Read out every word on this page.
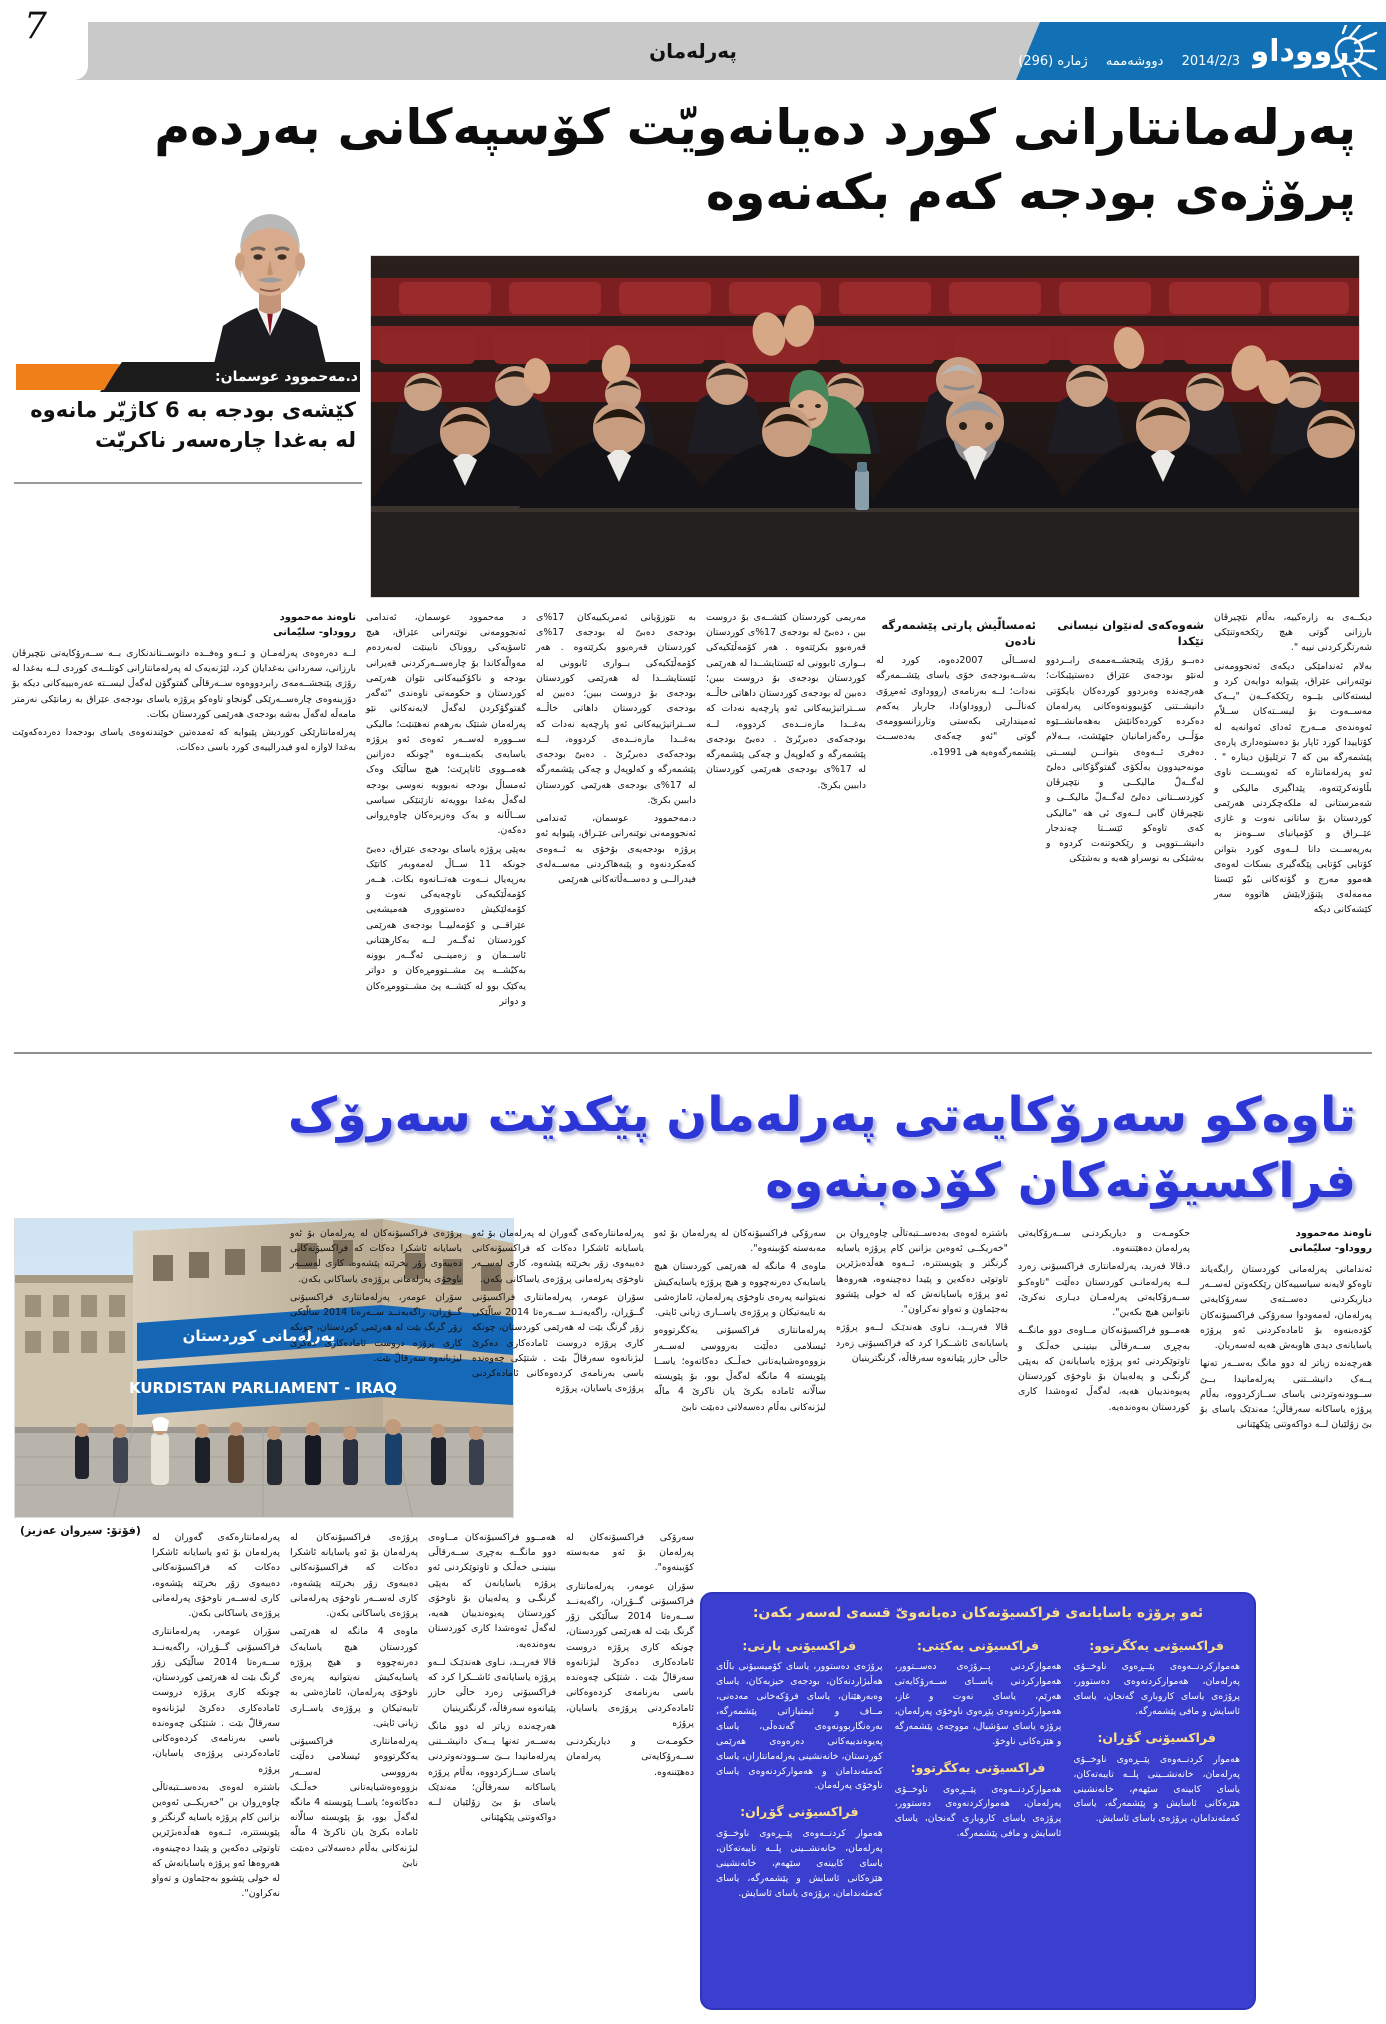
پەرلەمان	2014/2/3 دووشەممە ژمارە (296)	رووداو
7
پەرلەمانتارانی کورد دەیانەویّت کۆسپەکانی بەردەم
پرۆژەی بودجە کەم بکەنەوە
د.مەحموود عوسمان:
کێشەی بودجە بە 6 کاژیّر مانەوە لە بەغدا چارەسەر ناکریّت
ناوەند مەحموود
رووداو- سلیّمانی

لــە دەرەوەی پەرلەمـان و ئــەو وەفــدە دانوســتاندنکاری بــە ســەرۆکایەتی نێچیرڤان بارزانی، سەردانی بەغدایان کرد، لێژنەیەک لە پەرلەمانتارانی کوتلــەی کوردی لــە بەغدا لە رۆژی پێنجشــەمەی رابردووەوە ســەرقاڵی گفتوگۆن لەگەڵ لیســتە عەرەبییەکانی دیکە بۆ دۆزینەوەی چارەســەرێکی گونجاو تاوەکو پرۆژە یاسای بودجەی عێراق بە زمانێکی نەرمتر مامەڵە لەگەڵ بەشە بودجەی هەرێمی کوردستان بکات.

پەرلەمانتارێکی کوردیش پێیوایە کە ئەمدەتین خوێندنەوەی یاسای بودجەدا دەردەکەوێت بەغدا لاوازە لەو فیدرالییەی کورد باسی دەکات.

د مەحموود عوسمان، ئەندامی ئەنجوومەنی نوێنەرانی عێراق، هیچ ئاسۆیەکی رووناک نابینێت لەبەردەم مەوالّەکاندا بۆ چارەســەرکردنی قەیرانی بودجە و ناکۆکییەکانی نێوان هەرێمی کوردستان و حکومەتی ناوەندی "ئەگەر گفتوگۆکردن لەگەڵ لایەنەکانی نێو پەرلەمان شتێک بەرهەم نەهێنێت؛ مالیکی ســوورە لەســەر ئەوەی ئەو پرۆژە یاسایەی بکەینــەوە "چونکە دەزانین هەمــووی ئاتاپرێت؛ هیچ ساڵێک وەک ئەمساڵ بودجە نەبوویە نەوسی بودجە لەگەڵ بەغدا بوویەتە نازێنێکی سیاسی ســاڵانە و یەک وەزیرەکان چاوەڕوانی دەکەن.

بەپێی پرۆژە یاسای بودجەی عێراق، دەبیّ جونکە 11 ســاڵ لەمەوبەر کاتێک بەرپەیال نــەوت هەتــانەوە بکات. هــەر کۆمەڵێکیەکی ناوچەیەکی نەوت و کۆمەلێکیش دەستووری هەمیشەیی عێراقــی و کۆمەلییــا بودجەی هەرێمی کوردستان ئەگــەر لــە بەکارهێنانی ئاســمان و زەمینــی ئەگــەر بوونە بەکیّشــە پێ مشــتوومڕەکان و دواتر یەکێک بوو لە کێشــە پێ مشــتوومڕەکان و دواتر

بە نێوزۆیانی ئەمریکییەکان 17%ی بودجەی دەبیّ لە بودجەی 17%ی کوردستان قەرەبوو بکرێتەوە . هەر کۆمەڵێکیەکی بــواری ئابوونی لە ئێستایشــدا لە هەرێمی کوردستان بودجەی بۆ دروست ببین؛ دەبین لە بودجەی کوردستان داهاتی خاڵــە ســتراتیژییەکانی ئەو پارچەیە نەدات کە بەغــدا مازەنــدەی کردووە، لــە بودجەکەی دەبریّرێ . دەبیّ بودجەی پێشمەرگە و کەلوپەل و چەکی پێشمەرگە لە 17%ی بودجەی هەرێمی کوردستان داببین بکریّ.

د.مەحموود عوسمان، ئەندامی ئەنجوومەنی نوێنەرانی عێـراق، پێیوایە ئەو پرۆژە بودجەیەی بۆخۆی بە ئــەوەی کەمکردنەوە و پێبەهاکردنی مەســەلەی فیدرالــی و دەســەڵاتەکانی هەرێمی

مەریمی کوردستان کێشــەی بۆ دروست بین ، دەبیّ لە بودجەی 17%ی کوردستان قەرەبوو بکرێتەوە . هەر کۆمەڵێکیەکی بــواری ئابوونی لە ئێستایشــدا لە هەرێمی کوردستان بودجەی بۆ دروست ببین؛ دەبین لە بودجەی کوردستان داهاتی خاڵــە ســتراتیژییەکانی ئەو پارچەیە نەدات کە بەغــدا مازەنــدەی کردووە، لــە بودجەکەی دەبریّرێ . دەبیّ بودجەی پێشمەرگە و کەلوپەل و چەکی پێشمەرگە لە 17%ی بودجەی هەرێمی کوردستان داببین بکریّ.

ئەمسالّیش پارتی پێشمەرگە نادەن

لەســاڵی 2007دەوە، کورد لە بەشــەبودجەی خۆی یاسای پێشــمەرگە نەدات؛ لــە بەرنامەی (رووداوی ئەمڕۆی کەناڵــی (رووداو)دا، جاربار یەکەم ئەمیندارێی بکەستی وتارزانسوومەی گوتی "ئەو چەکەی بەدەســت پێشمەرگەوەیە هی 1991ە.

شەوەکەی لەنێوان نیسانی تێکدا

دەبــو رۆژی پێنجشــەممەی رابــردوو لەنێو بودجەی عێراق دەستپێبکات؛ هەرچەندە وەبردوو کوردەکان بایکۆتی دانیشــتنی کۆیبوونەوەکانی پەرلەمان دەکردە کوردەکانێش بەهەمانشــێوە مۆڵــی رەگەزامانیان جێهێشت، بــەلام دەفری ئــەوەی بتوانــن لیســتی مونەحیدوون بەڵکۆی گفتوگۆکانی دەلیّ لەگــەلّ مالیکــی و نێچیرڤان کوردســتانی دەلیّ لەگــەلّ مالیکــی و نێچیرڤان گابی لــەوی ئی هە "مالیکی کەی تاوەکو ئێســتا چەندجار دانیشــتوویی و رێکخوتنەت کردوە و بەشێکی بە نوسراو هەیە و بەشێکی

دیکــەی بە زارەکییە، بەڵام نێچیرڤان بارزانی گوتی هیچ رێکخەوتنێکی شەرتگرکردنی نییە ".

بەلام ئەندامێکی دیکەی ئەنجوومەنی نوێنەرانی عێراق، پێیوایە دوایەن کرد و لیستەکانی بێــوە رێککەکــەن "یــەک مەســەوت بۆ لیســتەکان ســلاّم ئەوەندەی مــەرج ئەدای ئەوانەیە لە کۆتاییدا کورد ئاپار بۆ دەستوەداری پارەی پێشمەرگە بین کە 7 ترێلیۆن دینارە " . ئەو پەرلەمانتارە کە ئەویســت ناوی بڵاونەکرێتەوە، پێداگیری مالیکی و شەمرستانی لە ملکەچکردنی هەرێمی کوردستان بۆ ساتانی نەوت و غازی عێــراق و کۆمپانیای ســوەنز بە بەرپەســت دانا لــەوی کورد بتوانن کۆتایی کۆتایی پێگەگیری بسکات لەوەی هەموو مەرج و گۆتەکانی نیّو ئێستا مەمەلەی پێنۆزلایێش هاتووە سەر کێشەکانی دیکە

تاوەکو سەرۆکایەتی پەرلەمان پێکدێت سەرۆک
فراکسیۆنەکان کۆدەبنەوە
پەرلەمانی کوردستان
KURDISTAN PARLIAMENT - IRAQ
(فۆتۆ: سیروان عەزیز)
ناوەند مەحموود
رووداو- سلیّمانی

ئەندامانی پەرلەمانی کوردستان رایگەیاند تاوەکو لایەنە سیاسییەکان رێککەوتن لەســەر دیاریکردنی دەســتەی سەرۆکایەتی پەرلەمان، لەمەودوا سەرۆکی فراکسیۆنەکان کۆدەبنەوە بۆ ئامادەکردنی ئەو پرۆژە یاسایانەی دیدی هاوبەش هەیە لەسەریان.

هەرچەندە زیاتر لە دوو مانگ بەســەر تەنها یــەک دانیشــتنی پەرلەمانیدا بــێ ســوودنەوتردنی یاسای ســازکردووە، بەڵام پرۆژە یاساکانە سەرقاڵن؛ مەندێک یاسای بۆ بێ زۆلێیان لــە دواکەوتنی پێکهێنانی

حکومـەت و دیاریکردنـی ســەرۆکایەتی پەرلەمان دەهێننەوە.

د.ڤالا فەرید، پەرلەمانتاری فراکسیۆنی زەرد لــە پەرلەمانـی کوردستان دەڵێت "تاوەکـو ســەرۆکایەتی پەرلەمـان دیـاری نەکرێ، ناتوانین هیچ بکەین".

هەمــوو فراکسیۆنەکان مــاوەی دوو مانگــە بەچڕی ســەرقاڵی بینینـی خەڵـک و تاوتوێکردنی ئەو پرۆژە یاسایانەن کە بەپێی گرنگـی و پەلەییان بۆ ناوخۆی کوردستان پەیوەندییان هەیە، لەگەڵ ئەوەشدا کاری کوردستان بەوەندەیە.

باشترە لەوەی بەدەســتبەتاڵی چاوەڕوان بن "خەریکــی ئەوەین بزانین کام پرۆژە یاسایە گرنگتر و پێویستترە، ئــەوە هەڵدەبژێرین تاوتوێی دەکەین و پێیدا دەچینەوە، هەروەها ئەو پرۆژە یاسایانەش کە لە خولی پێشوو بەجێماون و تەواو نەکراون".

ڤالا فەریــد، نـاوی هەندێـک لــەو پرۆژە یاسایانەی ئاشــکرا کرد کە فراکسیۆنی زەرد حاڵی حازر پێیانەوە سەرقاڵە، گرنگترینیان

سەرۆکی فراکسیۆنەکان لە پەرلەمان بۆ ئەو مەبەستە کۆببنەوە".

ماوەی 4 مانگە لە هەرێمی کوردستان هیچ یاسایەک دەرنەچووە و هیچ پرۆژە یاسایەکیش نەیتوانیە پەرەی ناوخۆی پەرلەمان، ئاماژەشی بە تایبەتیکان و پرۆژەی یاســاری زیانی ئایتی.

پەرلەمانتاری فراکسیۆنی یەکگرتووەو ئیسلامی دەڵێت بەرووسی لەســەر بزووەوەشیایەتانی خەڵــک دەکاتەوە؛ یاســا پێویستە 4 مانگە لەگەڵ بوو، بۆ پێویستە سالّانە ئاماده بکرێ یان ناکرێ 4 مالّە لیژنەکانی بەڵام دەسەلاتی دەبێت نابێ

پەرلەمانتارەکەی گەوران لە پەرلەمان بۆ ئەو یاسایانە ئاشکرا دەکات کە فراکسیۆنەکانی دەیبەوی زۆر بخرێتە پێشەوە، کاری لەســەر ناوخۆی پەرلەمانی پرۆژەی یاساکانی بکەن.

سۆران عومەر، پەرلەمانتاری فراکسیۆنی گــۆڕان، راگەیەنــد ســەرەتا 2014 سالّێکی زۆر گرنگ بێت لە هەرێمی کوردستان، چونکە کاری پرۆژە دروست ئامادەکاری دەکرێ لیژنانەوە سەرقالّ بێت . شتێکی چەوەندە باسی بەرنامەی کردەوەکانی ئامادەکردنی پرۆژەی یاسایان، پرۆژە

پرۆژەی فراکسیۆنەکان لە پەرلەمان بۆ ئەو یاسایانە ئاشکرا دەکات کە فراکسیۆنەکانی دەیبەوی زۆر بخرێتە پێشەوە، کاری لەســەر ناوخۆی پەرلەمانی پرۆژەی یاساکانی بکەن.

سۆران عومەر، پەرلەمانتاری فراکسیۆنی گــۆڕان، راگەیەنــد ســەرەتا 2014 سالّێکی زۆر گرنگ بێت لە هەرێمی کوردستان، چونکە کاری پرۆژە دروست ئامادەکاری دەکرێ لیژنانەوە سەرقالّ بێت.

پەرلەمانتارەکەی گەوران لە پەرلەمان بۆ ئەو یاسایانە ئاشکرا دەکات کە فراکسیۆنەکانی دەیبەوی زۆر بخرێتە پێشەوە، کاری لەســەر ناوخۆی پەرلەمانی پرۆژەی یاساکانی بکەن.

سۆران عومەر، پەرلەمانتاری فراکسیۆنی گــۆڕان، راگەیەنــد ســەرەتا 2014 سالّێکی زۆر گرنگ بێت لە هەرێمی کوردستان، چونکە کاری پرۆژە دروست ئامادەکاری دەکرێ لیژنانەوە سەرقالّ بێت . شتێکی چەوەندە باسی بەرنامەی کردەوەکانی ئامادەکردنی پرۆژەی یاسایان، پرۆژە

باشترە لەوەی بەدەســتبەتاڵی چاوەڕوان بن "خەریکــی ئەوەین بزانین کام پرۆژە یاسایە گرنگتر و پێویستترە، ئــەوە هەڵدەبژێرین تاوتوێی دەکەین و پێیدا دەچینەوە، هەروەها ئەو پرۆژە یاسایانەش کە لە خولی پێشوو بەجێماون و تەواو نەکراون".

پرۆژەی فراکسیۆنەکان لە پەرلەمان بۆ ئەو یاسایانە ئاشکرا دەکات کە فراکسیۆنەکانی دەیبەوی زۆر بخرێتە پێشەوە، کاری لەســەر ناوخۆی پەرلەمانی پرۆژەی یاساکانی بکەن.

ماوەی 4 مانگە لە هەرێمی کوردستان هیچ یاسایەک دەرنەچووە و هیچ پرۆژە یاسایەکیش نەیتوانیە پەرەی ناوخۆی پەرلەمان، ئاماژەشی بە تایبەتیکان و پرۆژەی یاســاری زیانی ئایتی.

پەرلەمانتاری فراکسیۆنی یەکگرتووەو ئیسلامی دەڵێت بەرووسی لەســەر بزووەوەشیایەتانی خەڵــک دەکاتەوە؛ یاســا پێویستە 4 مانگە لەگەڵ بوو، بۆ پێویستە سالّانە ئاماده بکرێ یان ناکرێ 4 مالّە لیژنەکانی بەڵام دەسەلاتی دەبێت نابێ

هەمــوو فراکسیۆنەکان مــاوەی دوو مانگــە بەچڕی ســەرقاڵی بینینـی خەڵـک و تاوتوێکردنی ئەو پرۆژە یاسایانەن کە بەپێی گرنگـی و پەلەییان بۆ ناوخۆی کوردستان پەیوەندییان هەیە، لەگەڵ ئەوەشدا کاری کوردستان بەوەندەیە.

ڤالا فەریــد، نـاوی هەندێـک لــەو پرۆژە یاسایانەی ئاشــکرا کرد کە فراکسیۆنی زەرد حاڵی حازر پێیانەوە سەرقاڵە، گرنگترینیان

هەرچەندە زیاتر لە دوو مانگ بەســەر تەنها یــەک دانیشــتنی پەرلەمانیدا بــێ ســوودنەوتردنی یاسای ســازکردووە، بەڵام پرۆژە یاساکانە سەرقاڵن؛ مەندێک یاسای بۆ بێ زۆلێیان لــە دواکەوتنی پێکهێنانی

سەرۆکی فراکسیۆنەکان لە پەرلەمان بۆ ئەو مەبەستە کۆببنەوە".

سۆران عومەر، پەرلەمانتاری فراکسیۆنی گــۆڕان، راگەیەنــد ســەرەتا 2014 سالّێکی زۆر گرنگ بێت لە هەرێمی کوردستان، چونکە کاری پرۆژە دروست ئامادەکاری دەکرێ لیژنانەوە سەرقالّ بێت . شتێکی چەوەندە باسی بەرنامەی کردەوەکانی ئامادەکردنی پرۆژەی یاسایان، پرۆژە

حکومـەت و دیاریکردنـی ســەرۆکایەتی پەرلەمان دەهێننەوە.

ئەو پرۆژە یاسایانەی فراکسیۆنەکان دەیانەویّ قسەی لەسەر بکەن:
فراکسیۆنی یەکگرتوو:
هەموارکردنــەوەی پێــڕەوی ناوخــۆی پەرلەمان، هەموارکردنەوەی دەستوور، پرۆژەی یاسای کاروباری گەنجان، یاسای ئاسایش و مافی پێشمەرگە.
فراکسیۆنی گۆڕان:
هەموار کردنــەوەی پێــڕەوی ناوخــۆی پەرلەمان، خانەنشــینی پلــە تایبەتەکان، یاسای کابینەی سێهەم، خانەنشینی هێزەکانی ئاسایش و پێشمەرگە، یاسای کەمئەندامان، پرۆژەی یاسای ئاسایش.
فراکسیۆنی یەکێتی:
هەموارکردنی پــرۆژەی دەســتوور، هەموارکردنی یاســای ســەرۆکایەتی هەرێم، یاسای نەوت و غاز، هەموارکردنەوەی پێڕەوی ناوخۆی پەرلەمان، پرۆژە یاسای سۆشیال، مووچەی پێشمەرگە و هێزەکانی ناوخۆ.
فراکسیۆنی یەکگرتوو:
هەموارکردنــەوەی پێــڕەوی ناوخــۆی پەرلەمان، هەموارکردنەوەی دەستوور، پرۆژەی یاسای کاروباری گەنجان، یاسای ئاسایش و مافی پێشمەرگە.
فراکسیۆنی پارتی:
پرۆژەی دەستوور، یاسای کۆمیسیۆنی باڵای هەڵبژاردنەکان، بودجەی حیزبەکان، یاسای وەبەرهێنان، یاسای فرۆکەخانی مەدەنی، مــاف و ئیمتیازاتی پێشمەرگە، بەرەنگاربوونەوەی گەندەڵی، یاسای پەیوەندییەکانی دەرەوەی هەرێمی کوردستان، خانەنشینی پەرلەمانتاران، یاسای کەمئەندامان و هەموارکردنەوەی یاسای ناوخۆی پەرلەمان.
فراکسیۆنی گۆڕان:
هەموار کردنــەوەی پێــڕەوی ناوخــۆی پەرلەمان، خانەنشــینی پلــە تایبەتەکان، یاسای کابینەی سێهەم، خانەنشینی هێزەکانی ئاسایش و پێشمەرگە، یاسای کەمئەندامان، پرۆژەی یاسای ئاسایش.
